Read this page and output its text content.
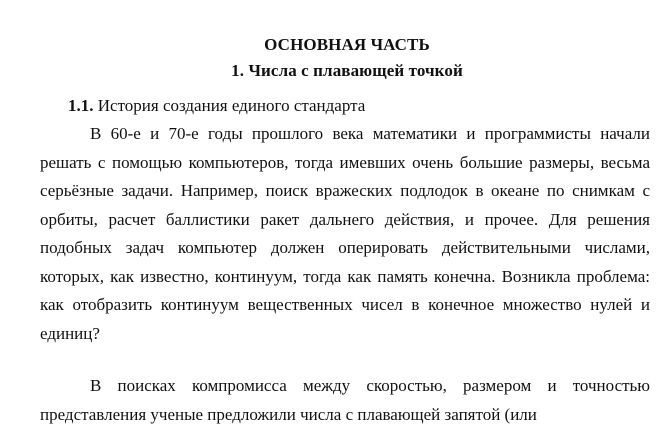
ОСНОВНАЯ ЧАСТЬ
1. Числа с плавающей точкой

1.1. История создания единого стандарта

В 60-е и 70-е годы прошлого века математики и программисты начали решать с помощью компьютеров, тогда имевших очень большие размеры, весьма серьёзные задачи. Например, поиск вражеских подлодок в океане по снимкам с орбиты, расчет баллистики ракет дальнего действия, и прочее. Для решения подобных задач компьютер должен оперировать действительными числами, которых, как известно, континуум, тогда как память конечна. Возникла проблема: как отобразить континуум вещественных чисел в конечное множество нулей и единиц?

В поисках компромисса между скоростью, размером и точностью представления ученые предложили числа с плавающей запятой (или
